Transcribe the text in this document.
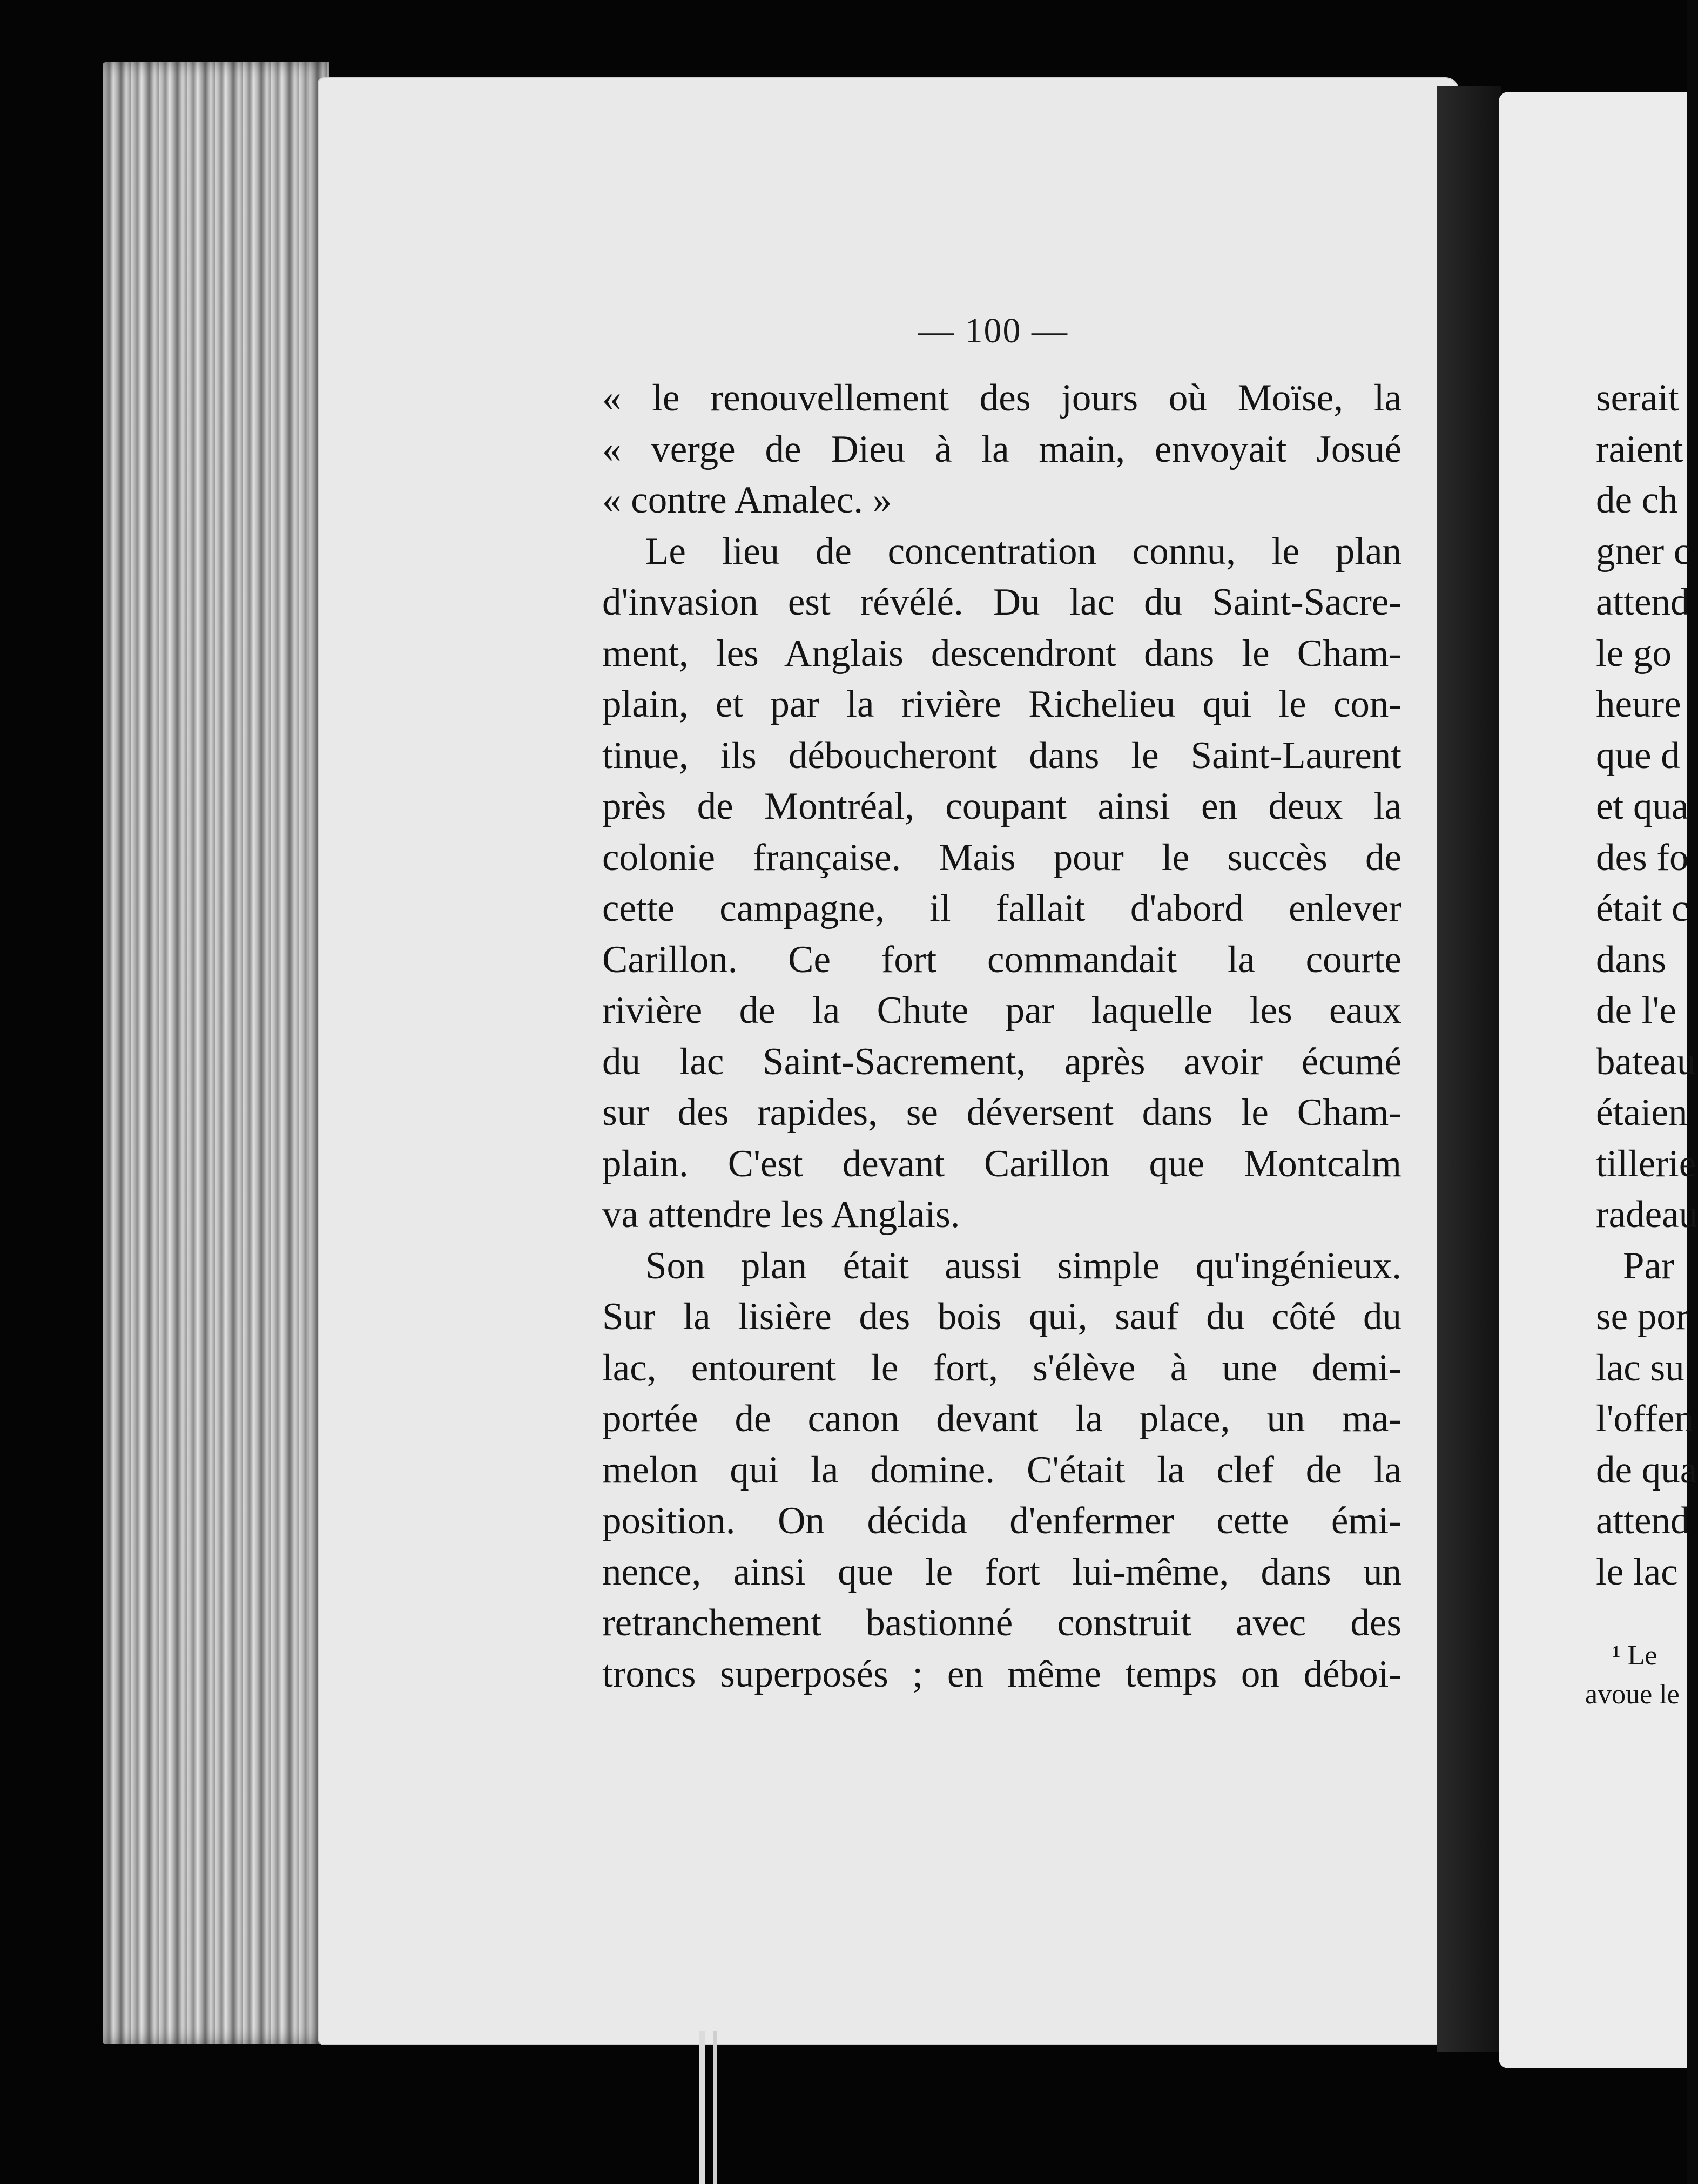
— 100 —
« le renouvellement des jours où Moïse, la
« verge de Dieu à la main, envoyait Josué
« contre Amalec. »
Le lieu de concentration connu, le plan
d'invasion est révélé. Du lac du Saint-Sacre-
ment, les Anglais descendront dans le Cham-
plain, et par la rivière Richelieu qui le con-
tinue, ils déboucheront dans le Saint-Laurent
près de Montréal, coupant ainsi en deux la
colonie française. Mais pour le succès de
cette campagne, il fallait d'abord enlever
Carillon. Ce fort commandait la courte
rivière de la Chute par laquelle les eaux
du lac Saint-Sacrement, après avoir écumé
sur des rapides, se déversent dans le Cham-
plain. C'est devant Carillon que Montcalm
va attendre les Anglais.
Son plan était aussi simple qu'ingénieux.
Sur la lisière des bois qui, sauf du côté du
lac, entourent le fort, s'élève à une demi-
portée de canon devant la place, un ma-
melon qui la domine. C'était la clef de la
position. On décida d'enfermer cette émi-
nence, ainsi que le fort lui-même, dans un
retranchement bastionné construit avec des
troncs superposés ; en même temps on déboi-
serait
raient
de ch
gner c
attend
le go
heure
que d
et qua
des fo
était c
dans
de l'e
bateau
étaien
tillerie
radeau
Par
se por
lac su
l'offen
de qua
attend
le lac
¹ Le
avoue le
